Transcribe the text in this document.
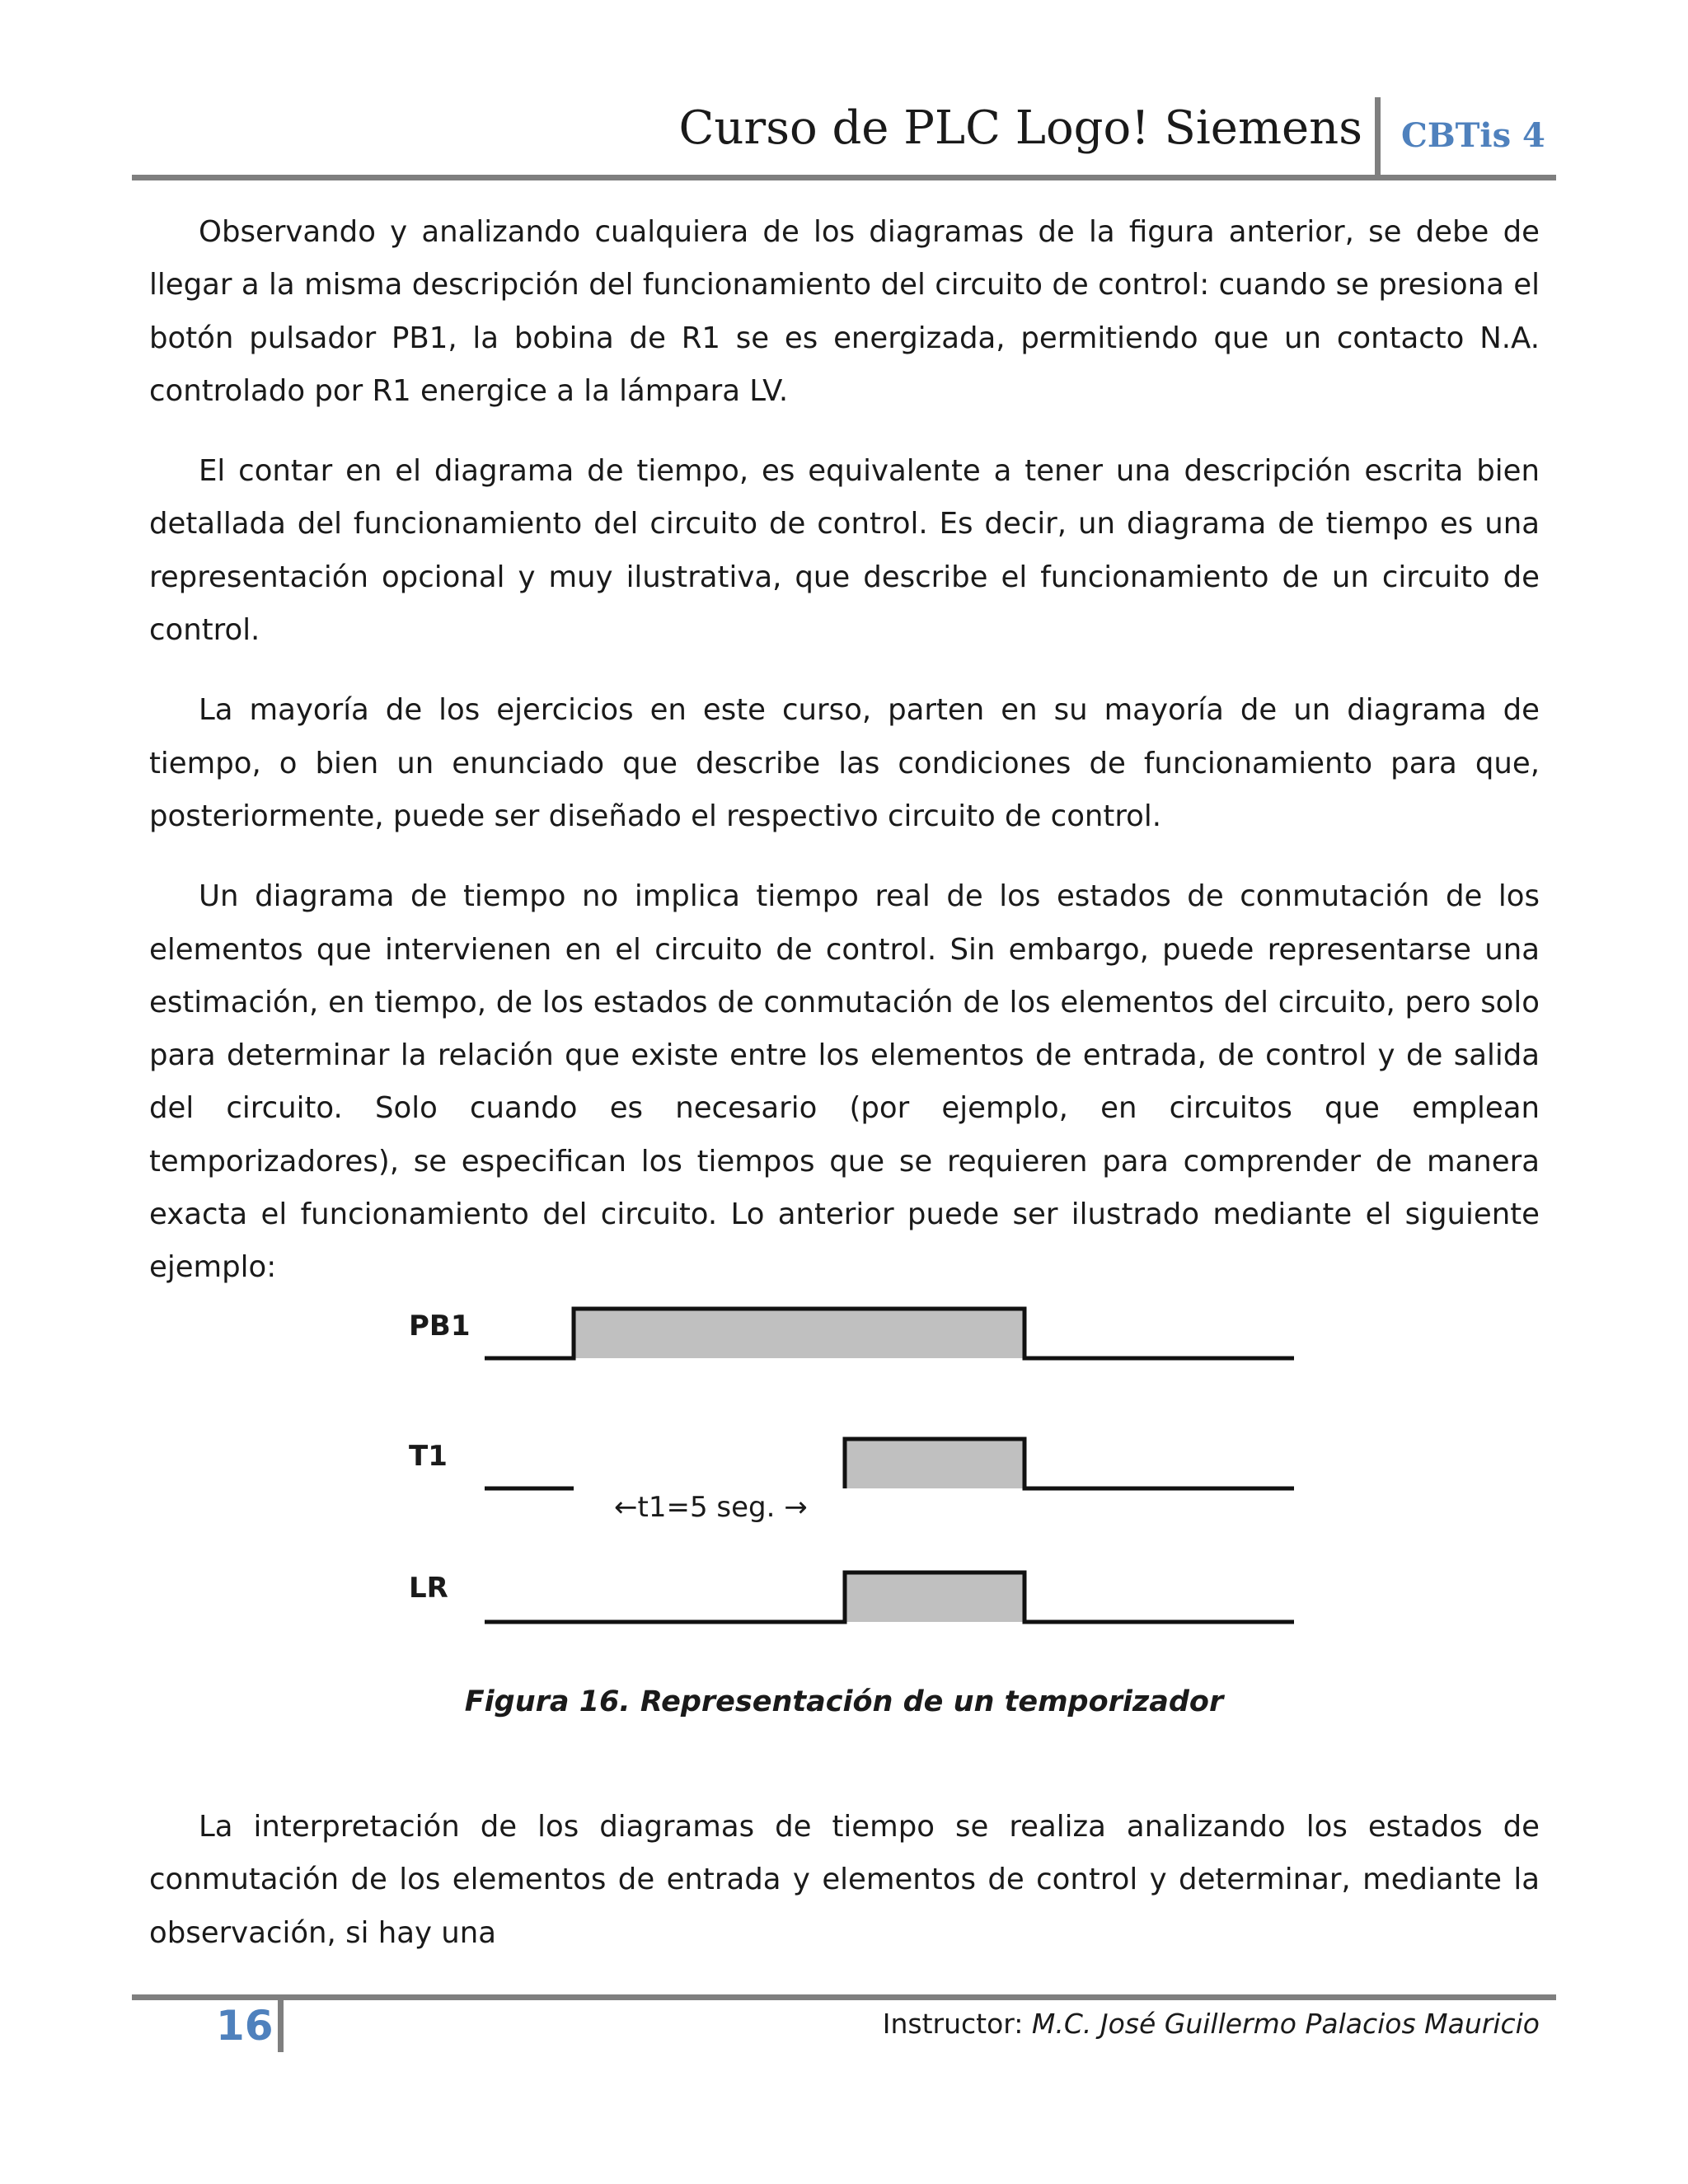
Curso de PLC Logo! Siemens CBTis 4

Observando y analizando cualquiera de los diagramas de la figura anterior, se debe de llegar a la misma descripción del funcionamiento del circuito de control: cuando se presiona el botón pulsador PB1, la bobina de R1 se es energizada, permitiendo que un contacto N.A. controlado por R1 energice a la lámpara LV.

El contar en el diagrama de tiempo, es equivalente a tener una descripción escrita bien detallada del funcionamiento del circuito de control. Es decir, un diagrama de tiempo es una representación opcional y muy ilustrativa, que describe el funcionamiento de un circuito de control.

La mayoría de los ejercicios en este curso, parten en su mayoría de un diagrama de tiempo, o bien un enunciado que describe las condiciones de funcionamiento para que, posteriormente, puede ser diseñado el respectivo circuito de control.

Un diagrama de tiempo no implica tiempo real de los estados de conmutación de los elementos que intervienen en el circuito de control. Sin embargo, puede representarse una estimación, en tiempo, de los estados de conmutación de los elementos del circuito, pero solo para determinar la relación que existe entre los elementos de entrada, de control y de salida del circuito. Solo cuando es necesario (por ejemplo, en circuitos que emplean temporizadores), se especifican los tiempos que se requieren para comprender de manera exacta el funcionamiento del circuito. Lo anterior puede ser ilustrado mediante el siguiente ejemplo:

PB1
T1
LR
←t1=5 seg. →
Figura 16. Representación de un temporizador

La interpretación de los diagramas de tiempo se realiza analizando los estados de conmutación de los elementos de entrada y elementos de control y determinar, mediante la observación, si hay una

16	Instructor: M.C. José Guillermo Palacios Mauricio
